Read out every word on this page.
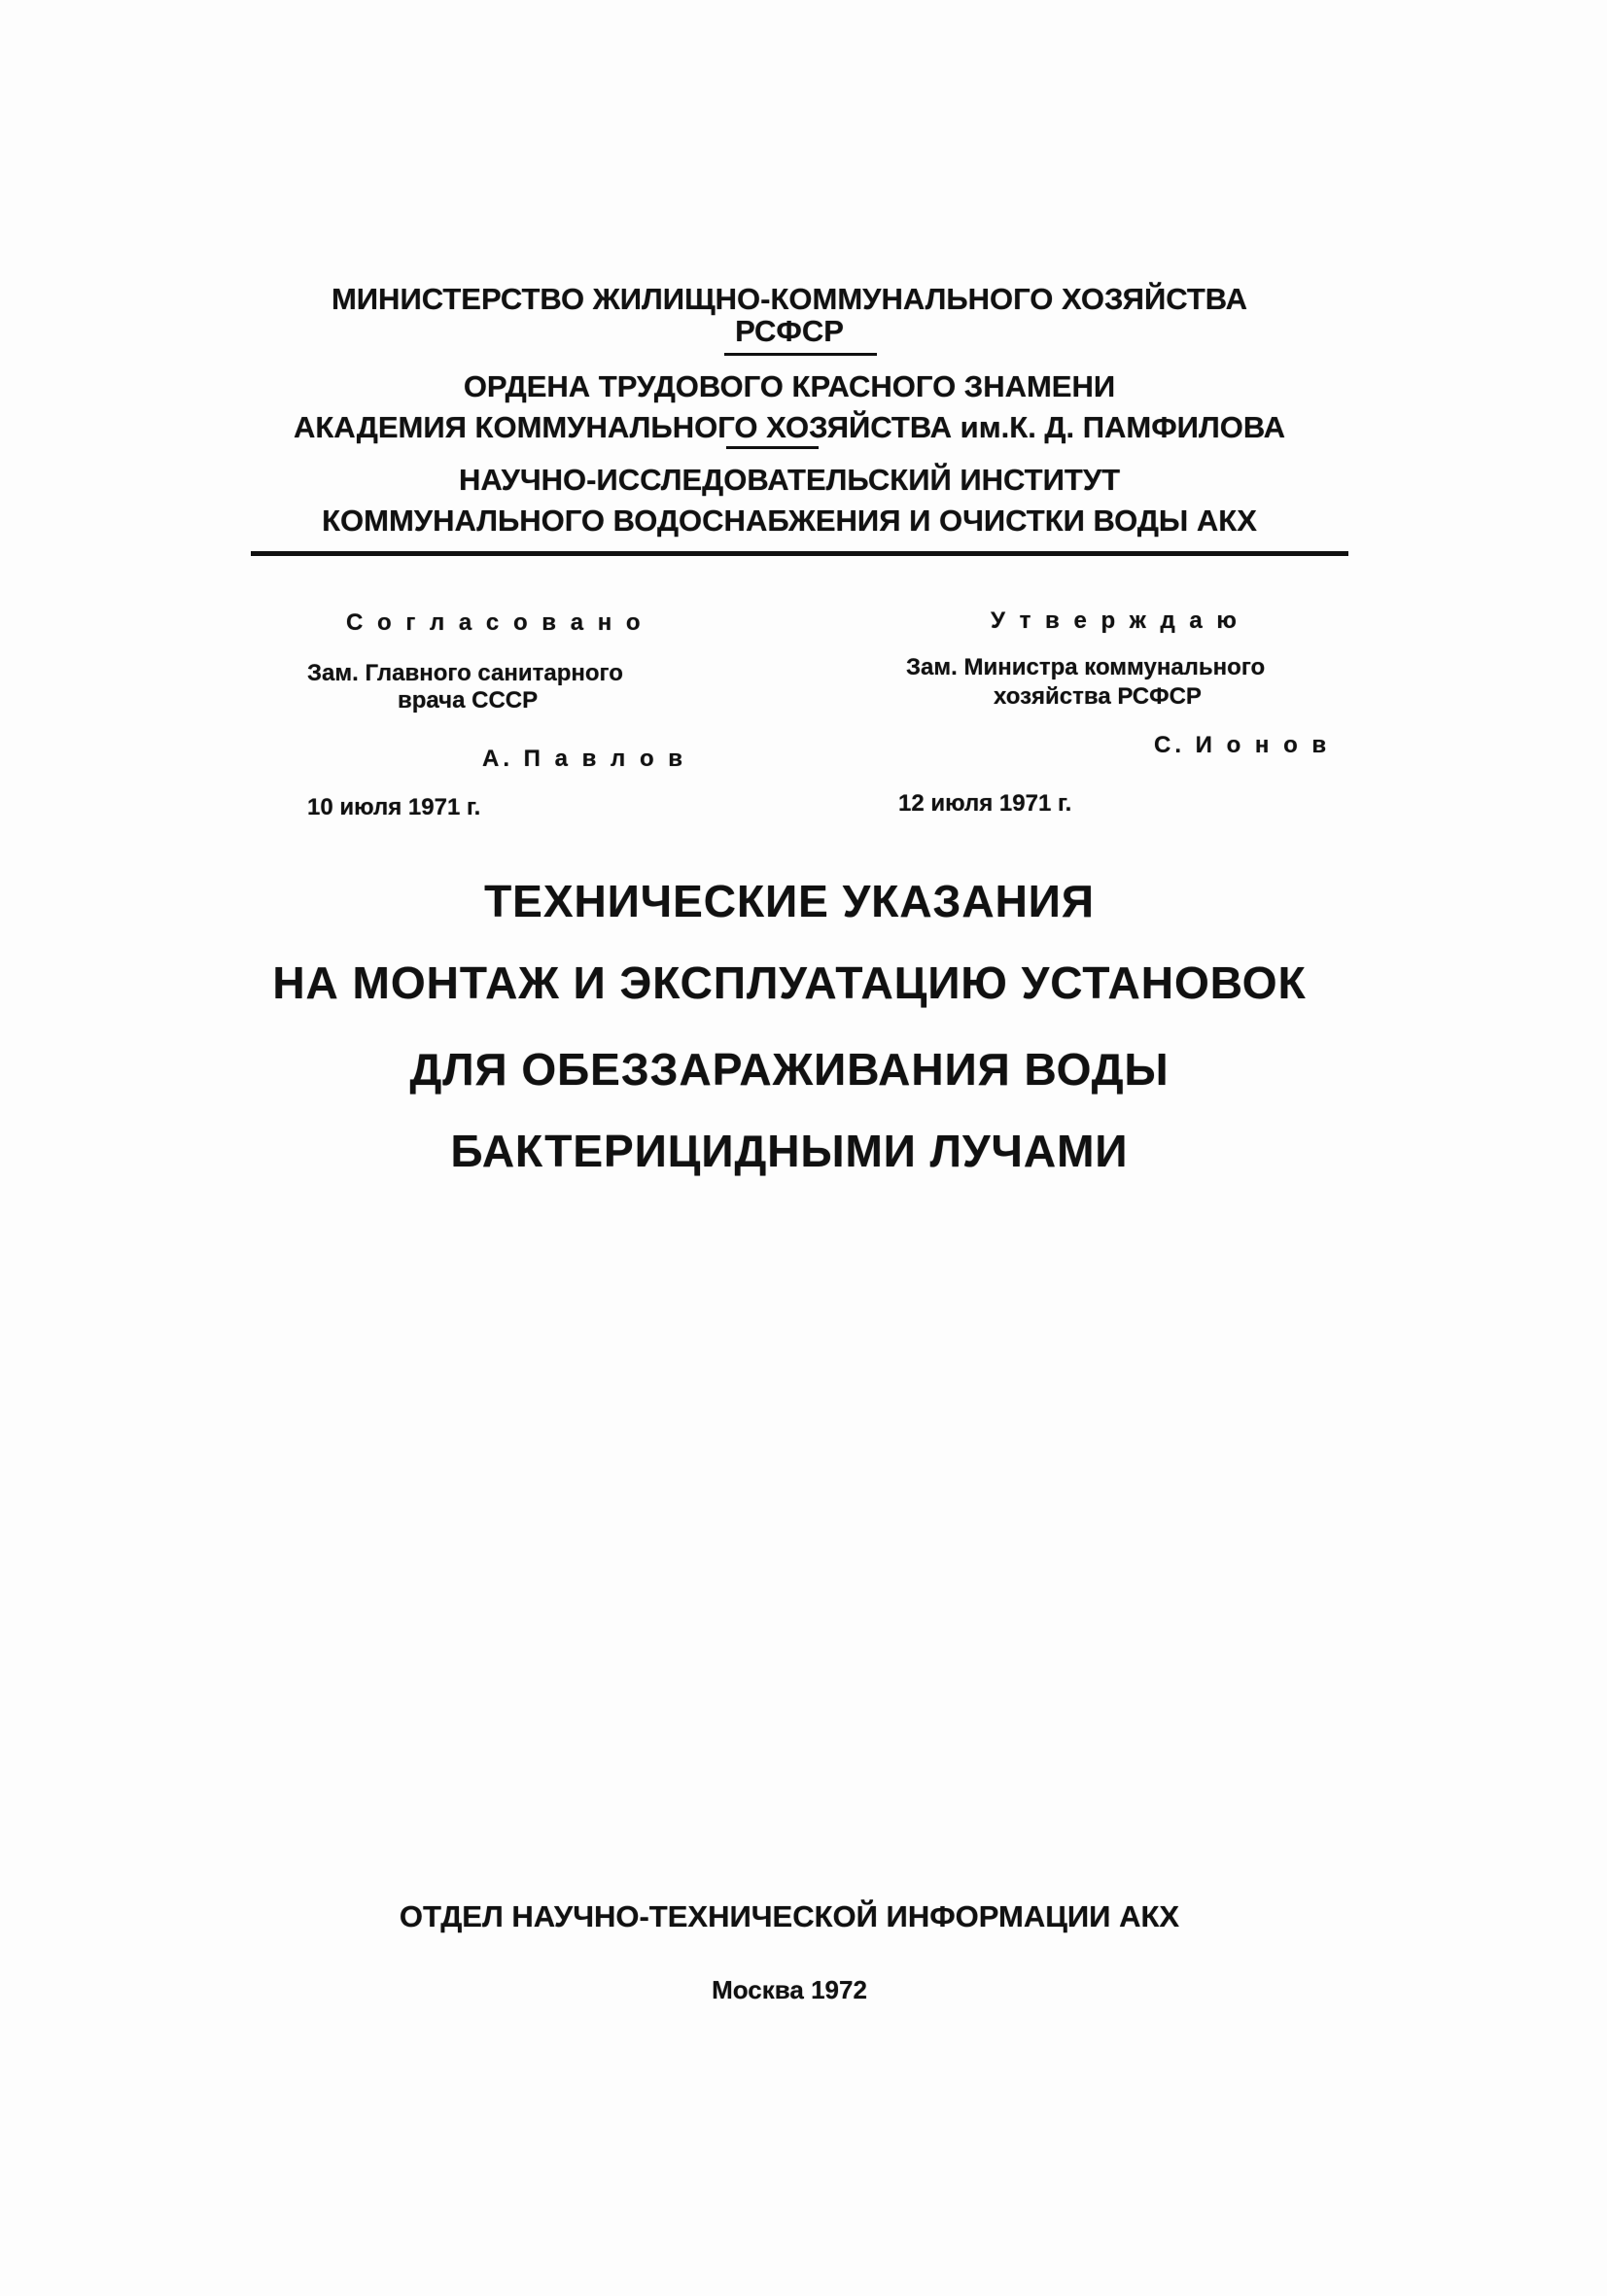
МИНИСТЕРСТВО ЖИЛИЩНО-КОММУНАЛЬНОГО ХОЗЯЙСТВА
РСФСР
ОРДЕНА ТРУДОВОГО КРАСНОГО ЗНАМЕНИ
АКАДЕМИЯ КОММУНАЛЬНОГО ХОЗЯЙСТВА им.К. Д. ПАМФИЛОВА
НАУЧНО-ИССЛЕДОВАТЕЛЬСКИЙ ИНСТИТУТ
КОММУНАЛЬНОГО ВОДОСНАБЖЕНИЯ И ОЧИСТКИ ВОДЫ АКХ
С о г л а с о в а н о
Зам. Главного санитарного
врача СССР
А. П а в л о в
10 июля 1971 г.
У т в е р ж д а ю
Зам. Министра коммунального
хозяйства РСФСР
С. И о н о в
12 июля 1971 г.
ТЕХНИЧЕСКИЕ УКАЗАНИЯ
НА МОНТАЖ И ЭКСПЛУАТАЦИЮ УСТАНОВОК
ДЛЯ ОБЕЗЗАРАЖИВАНИЯ ВОДЫ
БАКТЕРИЦИДНЫМИ ЛУЧАМИ
ОТДЕЛ НАУЧНО-ТЕХНИЧЕСКОЙ ИНФОРМАЦИИ АКХ
Москва 1972
